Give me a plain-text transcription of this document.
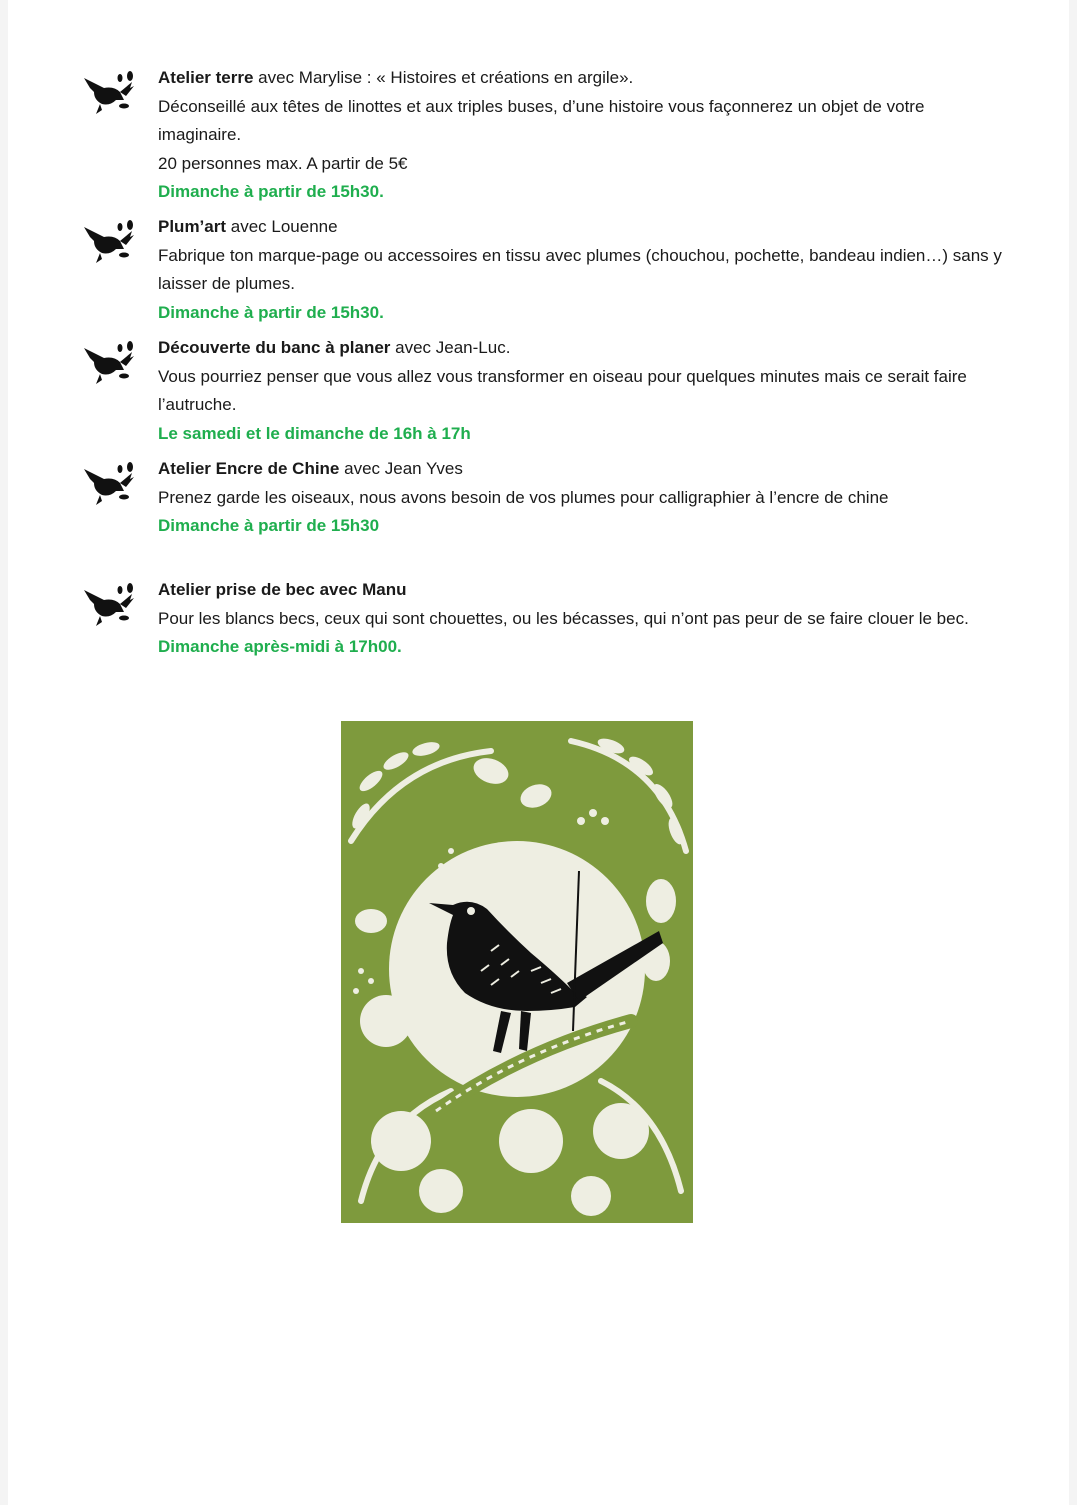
Atelier terre avec Marylise : « Histoires et créations en argile».

Déconseillé aux têtes de linottes et aux triples buses, d’une histoire vous façonnerez un objet de votre imaginaire.

20 personnes max. A partir de 5€

Dimanche à partir de 15h30.

Plum’art avec Louenne

Fabrique ton marque-page ou accessoires en tissu avec plumes (chouchou, pochette, bandeau indien…) sans y laisser de plumes.

Dimanche à partir de 15h30.

Découverte du banc à planer avec Jean-Luc.

Vous pourriez penser que vous allez vous transformer en oiseau pour quelques minutes mais ce serait faire l’autruche.

Le samedi et le dimanche de 16h à 17h

Atelier Encre de Chine avec Jean Yves

Prenez garde les oiseaux, nous avons besoin de vos plumes pour calligraphier à l’encre de chine

Dimanche à partir de 15h30

Atelier prise de bec avec Manu

Pour les blancs becs, ceux qui sont chouettes, ou les bécasses, qui n’ont pas peur de se faire clouer le bec.

Dimanche après-midi à 17h00.
